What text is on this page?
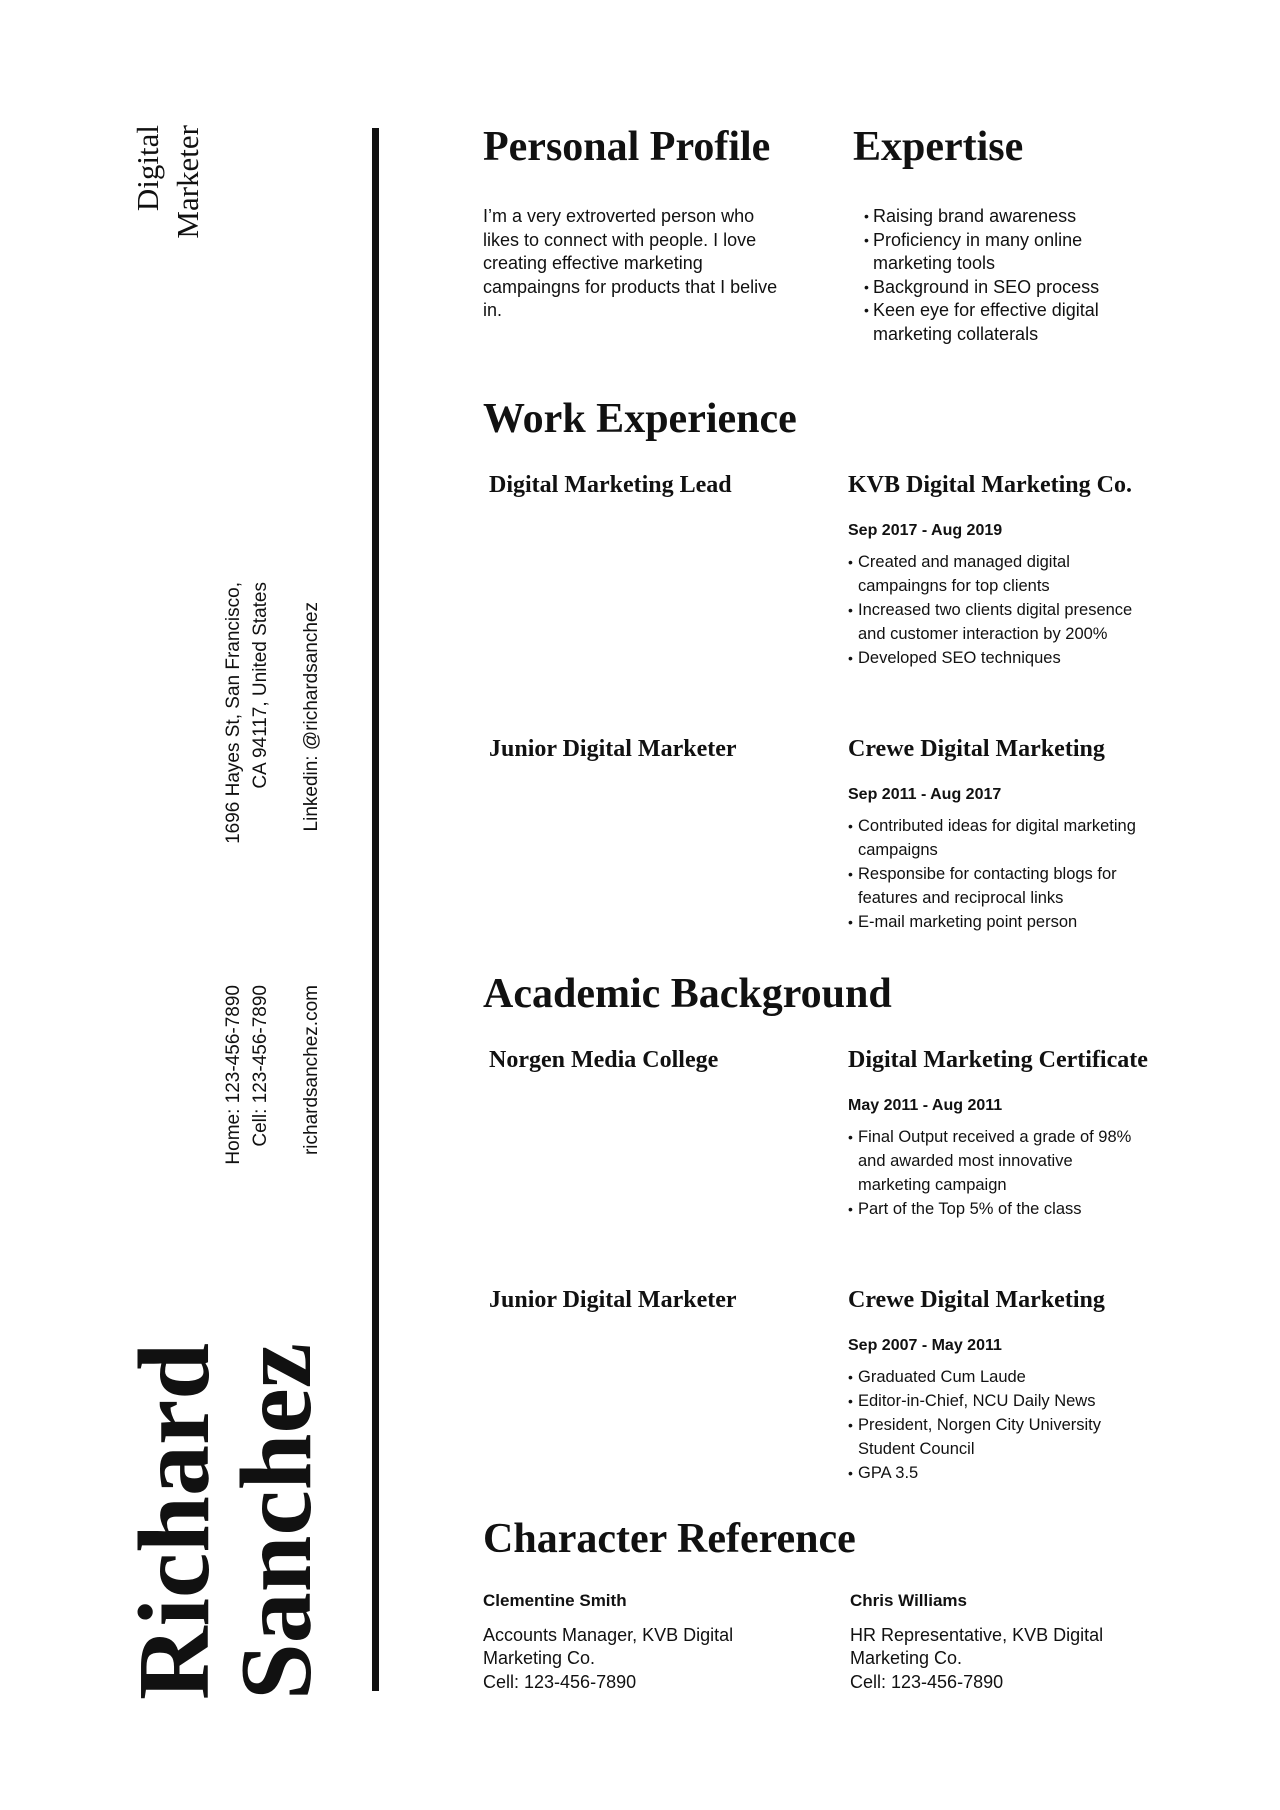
Digital Marketer
1696 Hayes St, San Francisco, CA 94117, United States Linkedin: @richardsanchez
Home: 123-456-7890 Cell: 123-456-7890 richardsanchez.com
Richard
Sanchez
Personal Profile
I’m a very extroverted person who likes to connect with people. I love creating effective marketing campaingns for products that I belive in.
Expertise
• Raising brand awareness
• Proficiency in many online marketing tools
• Background in SEO process
• Keen eye for effective digital marketing collaterals
Work Experience
Digital Marketing Lead	KVB Digital Marketing Co.
Sep 2017 - Aug 2019
• Created and managed digital campaingns for top clients
• Increased two clients digital presence and customer interaction by 200%
• Developed SEO techniques
Junior Digital Marketer	Crewe Digital Marketing
Sep 2011 - Aug 2017
• Contributed ideas for digital marketing campaigns
• Responsibe for contacting blogs for features and reciprocal links
• E-mail marketing point person
Academic Background
Norgen Media College	Digital Marketing Certificate
May 2011 - Aug 2011
• Final Output received a grade of 98% and awarded most innovative marketing campaign
• Part of the Top 5% of the class
Junior Digital Marketer	Crewe Digital Marketing
Sep 2007 - May 2011
• Graduated Cum Laude
• Editor-in-Chief, NCU Daily News
• President, Norgen City University Student Council
• GPA 3.5
Character Reference
Clementine Smith
Accounts Manager, KVB Digital
Marketing Co.
Cell: 123-456-7890
Chris Williams
HR Representative, KVB Digital
Marketing Co.
Cell: 123-456-7890
